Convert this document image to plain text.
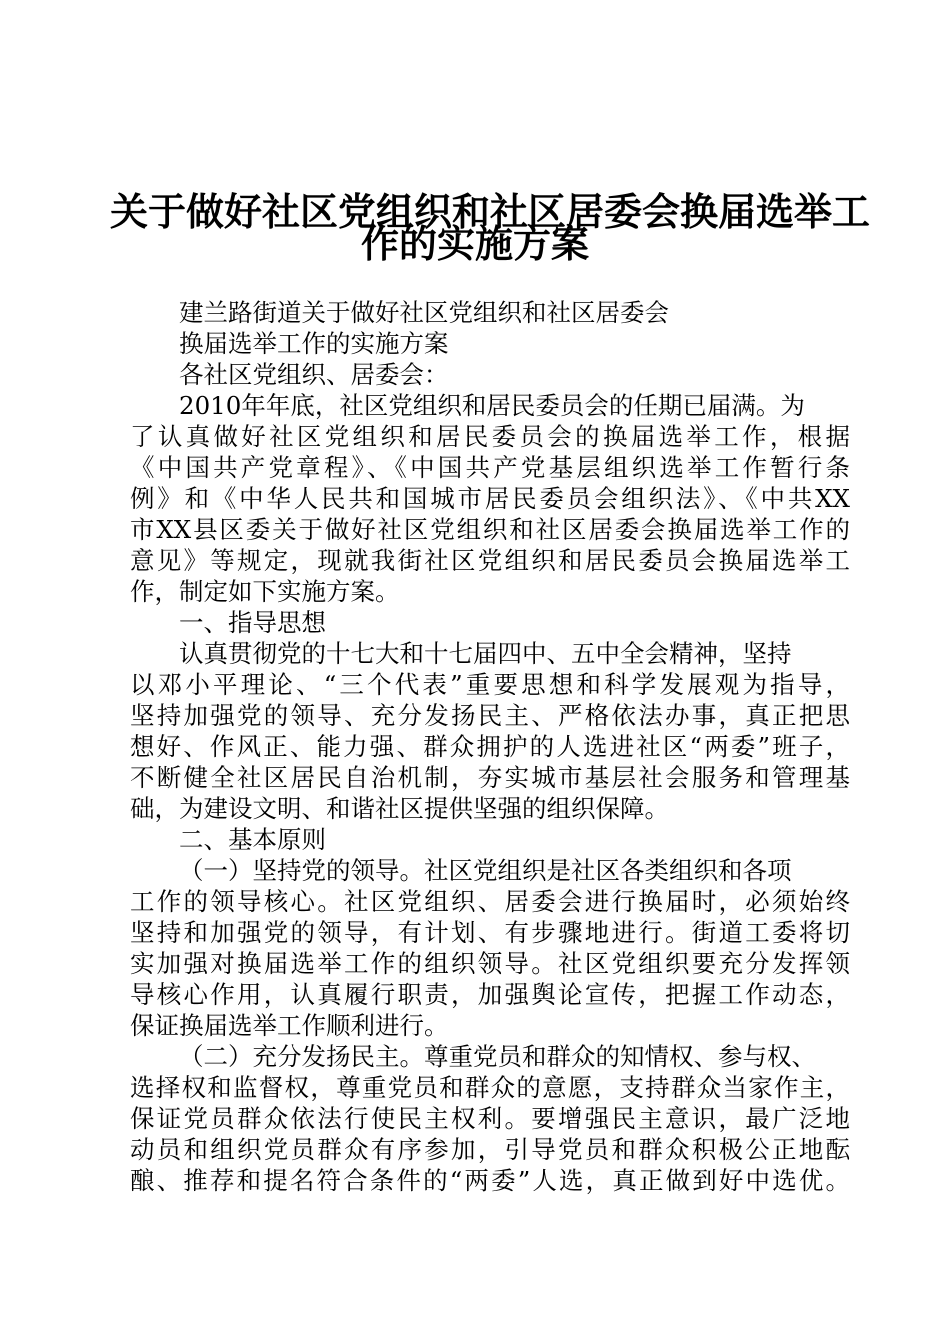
关于做好社区党组织和社区居委会换届选举工
作的实施方案
建兰路街道关于做好社区党组织和社区居委会
换届选举工作的实施方案
各社区党组织、居委会：
2010年年底，社区党组织和居民委员会的任期已届满。为
了认真做好社区党组织和居民委员会的换届选举工作，根据
《中国共产党章程》、《中国共产党基层组织选举工作暂行条
例》和《中华人民共和国城市居民委员会组织法》、《中共XX
市XX县区委关于做好社区党组织和社区居委会换届选举工作的
意见》等规定，现就我街社区党组织和居民委员会换届选举工
作，制定如下实施方案。
一、指导思想
认真贯彻党的十七大和十七届四中、五中全会精神，坚持
以邓小平理论、“三个代表”重要思想和科学发展观为指导，
坚持加强党的领导、充分发扬民主、严格依法办事，真正把思
想好、作风正、能力强、群众拥护的人选进社区“两委”班子，
不断健全社区居民自治机制，夯实城市基层社会服务和管理基
础，为建设文明、和谐社区提供坚强的组织保障。
二、基本原则
（一）坚持党的领导。社区党组织是社区各类组织和各项
工作的领导核心。社区党组织、居委会进行换届时，必须始终
坚持和加强党的领导，有计划、有步骤地进行。街道工委将切
实加强对换届选举工作的组织领导。社区党组织要充分发挥领
导核心作用，认真履行职责，加强舆论宣传，把握工作动态，
保证换届选举工作顺利进行。
（二）充分发扬民主。尊重党员和群众的知情权、参与权、
选择权和监督权，尊重党员和群众的意愿，支持群众当家作主，
保证党员群众依法行使民主权利。要增强民主意识，最广泛地
动员和组织党员群众有序参加，引导党员和群众积极公正地酝
酿、推荐和提名符合条件的“两委”人选，真正做到好中选优。
